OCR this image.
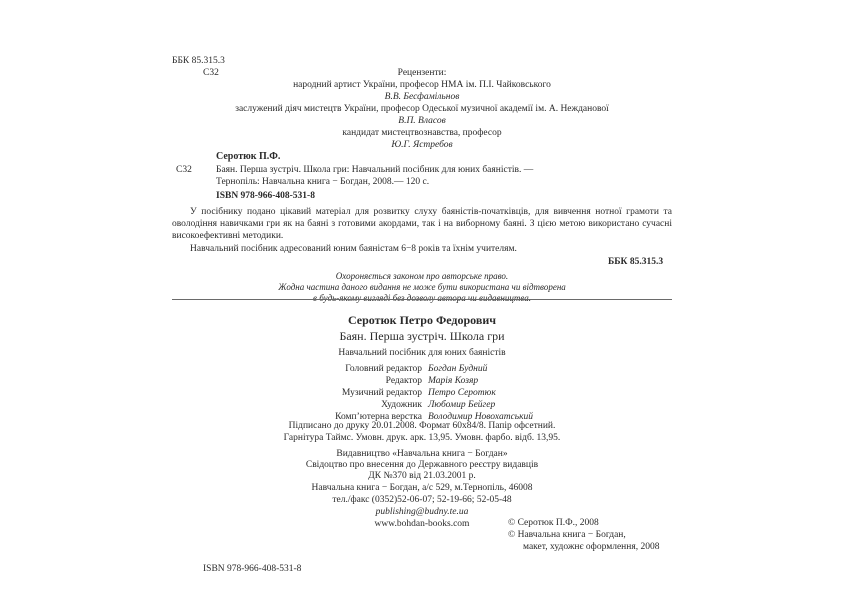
ББК 85.315.3
С32	Рецензенти:
народний артист України, професор НМА ім. П.І. Чайковського
В.В. Бесфамільнов
заслужений діяч мистецтв України, професор Одеської музичної академії ім. А. Нежданової
В.П. Власов
кандидат мистецтвознавства, професор
Ю.Г. Ястребов
Серотюк П.Ф.
С32	Баян. Перша зустріч. Школа гри: Навчальний посібник для юних баяністів. —
Тернопіль: Навчальна книга − Богдан, 2008.— 120 с.
ISBN 978-966-408-531-8
У посібнику подано цікавий матеріал для розвитку слуху баяністів-початківців, для вивчення нотної грамоти та оволодіння навичками гри як на баяні з готовими акордами, так і на виборному баяні. З цією метою використано сучасні високоефективні методики.
Навчальний посібник адресований юним баяністам 6−8 років та їхнім учителям.
ББК 85.315.3
Охороняється законом про авторське право.
Жодна частина даного видання не може бути використана чи відтворена
в будь-якому вигляді без дозволу автора чи видавництва.
Серотюк Петро Федорович
Баян. Перша зустріч. Школа гри
Навчальний посібник для юних баяністів
Головний редактор Богдан Будний
Редактор Марія Козяр
Музичний редактор Петро Серотюк
Художник Любомир Бейгер
Комп’ютерна верстка Володимир Новохатський
Підписано до друку 20.01.2008. Формат 60х84/8. Папір офсетний.
Гарнітура Таймс. Умовн. друк. арк. 13,95. Умовн. фарбо. відб. 13,95.
Видавництво «Навчальна книга − Богдан»
Свідоцтво про внесення до Державного реєстру видавців
ДК №370 від 21.03.2001 р.
Навчальна книга − Богдан, а/с 529, м.Тернопіль, 46008
тел./факс (0352)52-06-07; 52-19-66; 52-05-48
publishing@budny.te.ua
www.bohdan-books.com	© Серотюк П.Ф., 2008
© Навчальна книга − Богдан,
макет, художнє оформлення, 2008
ISBN 978-966-408-531-8
